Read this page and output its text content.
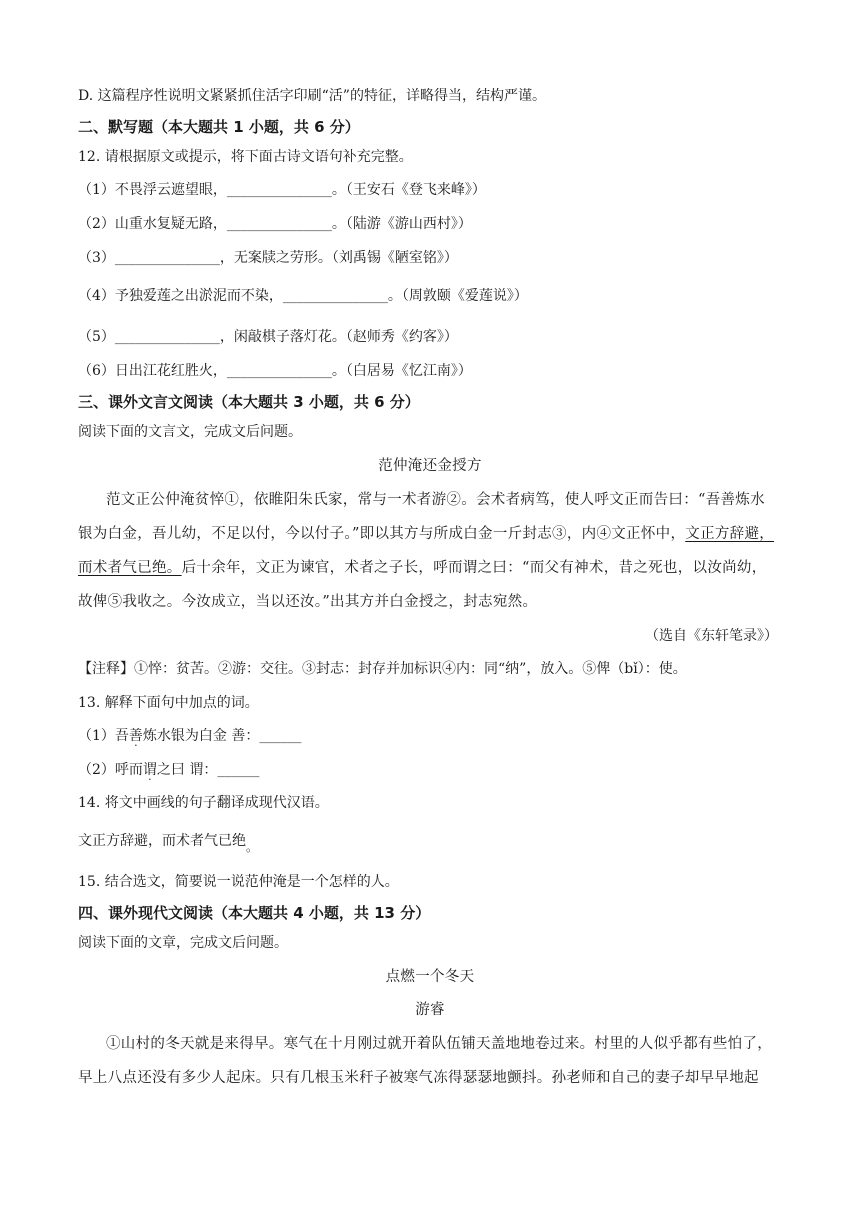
D. 这篇程序性说明文紧紧抓住活字印刷“活”的特征，详略得当，结构严谨。
二、默写题（本大题共 1 小题，共 6 分）
12. 请根据原文或提示，将下面古诗文语句补充完整。
（1）不畏浮云遮望眼，_______________。（王安石《登飞来峰》）
（2）山重水复疑无路，_______________。（陆游《游山西村》）
（3）_______________，无案牍之劳形。（刘禹锡《陋室铭》）
（4）予独爱莲之出淤泥而不染，_______________。（周敦颐《爱莲说》）
（5）_______________，闲敲棋子落灯花。（赵师秀《约客》）
（6）日出江花红胜火，_______________。（白居易《忆江南》）
三、课外文言文阅读（本大题共 3 小题，共 6 分）
阅读下面的文言文，完成文后问题。
范仲淹还金授方
范文正公仲淹贫悴①，依睢阳朱氏家，常与一术者游②。会术者病笃，使人呼文正而告曰：“吾善炼水
银为白金，吾儿幼，不足以付，今以付子。”即以其方与所成白金一斤封志③，内④文正怀中，文正方辞避，
而术者气已绝。后十余年，文正为谏官，术者之子长，呼而谓之曰：“而父有神术，昔之死也，以汝尚幼，
故俾⑤我收之。今汝成立，当以还汝。”出其方并白金授之，封志宛然。
（选自《东轩笔录》）
【注释】①悴：贫苦。②游：交往。③封志：封存并加标识④内：同“纳”，放入。⑤俾（bǐ）：使。
13. 解释下面句中加点的词。
（1）吾善炼水银为白金 善：______
（2）呼而谓之曰 谓：______
14. 将文中画线的句子翻译成现代汉语。
文正方辞避，而术者气已绝 。
15. 结合选文，简要说一说范仲淹是一个怎样的人。
四、课外现代文阅读（本大题共 4 小题，共 13 分）
阅读下面的文章，完成文后问题。
点燃一个冬天
游睿
①山村的冬天就是来得早。寒气在十月刚过就开着队伍铺天盖地地卷过来。村里的人似乎都有些怕了，
早上八点还没有多少人起床。只有几根玉米秆子被寒气冻得瑟瑟地颤抖。孙老师和自己的妻子却早早地起
